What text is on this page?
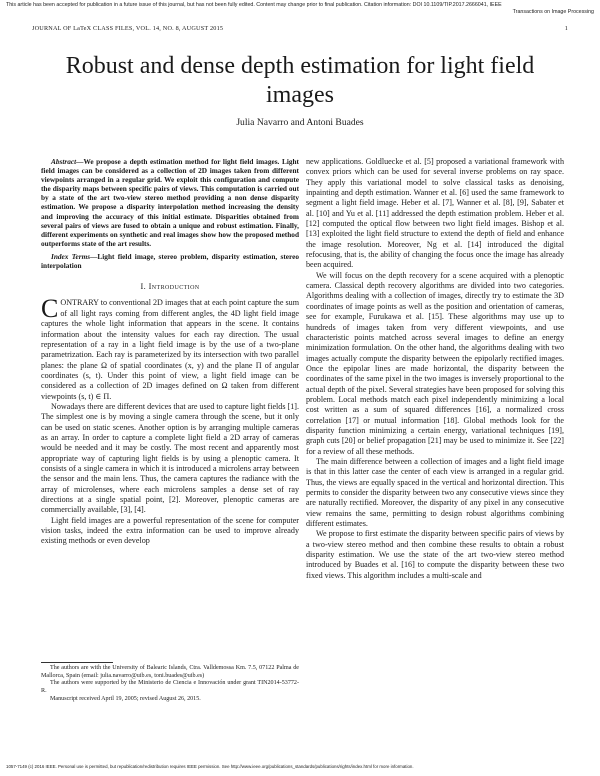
This article has been accepted for publication in a future issue of this journal, but has not been fully edited. Content may change prior to final publication. Citation information: DOI 10.1109/TIP.2017.2666041, IEEE
Transactions on Image Processing
JOURNAL OF LaTeX CLASS FILES, VOL. 14, NO. 8, AUGUST 2015	1
Robust and dense depth estimation for light field images
Julia Navarro and Antoni Buades

Abstract—We propose a depth estimation method for light field images. Light field images can be considered as a collection of 2D images taken from different viewpoints arranged in a regular grid. We exploit this configuration and compute the disparity maps between specific pairs of views. This computation is carried out by a state of the art two-view stereo method providing a non dense disparity estimation. We propose a disparity interpolation method increasing the density and improving the accuracy of this initial estimate. Disparities obtained from several pairs of views are fused to obtain a unique and robust estimation. Finally, different experiments on synthetic and real images show how the proposed method outperforms state of the art results.

Index Terms—Light field image, stereo problem, disparity estimation, stereo interpolation

I. Introduction

CONTRARY to conventional 2D images that at each point capture the sum of all light rays coming from different angles, the 4D light field image captures the whole light information that appears in the scene. It contains information about the intensity values for each ray direction. The usual representation of a ray in a light field image is by the use of a two-plane parametrization. Each ray is parameterized by its intersection with two parallel planes: the plane Ω of spatial coordinates (x, y) and the plane Π of angular coordinates (s, t). Under this point of view, a light field image can be considered as a collection of 2D images defined on Ω taken from different viewpoints (s, t) ∈ Π.

Nowadays there are different devices that are used to capture light fields [1]. The simplest one is by moving a single camera through the scene, but it only can be used on static scenes. Another option is by arranging multiple cameras as an array. In order to capture a complete light field a 2D array of cameras would be needed and it may be costly. The most recent and apparently most appropriate way of capturing light fields is by using a plenoptic camera. It consists of a single camera in which it is introduced a microlens array between the sensor and the main lens. Thus, the camera captures the radiance with the array of microlenses, where each microlens samples a dense set of ray directions at a single spatial point, [2]. Moreover, plenoptic cameras are commercially available, [3], [4].

Light field images are a powerful representation of the scene for computer vision tasks, indeed the extra information can be used to improve already existing methods or even develop

The authors are with the University of Balearic Islands, Ctra. Valldemossa Km. 7.5, 07122 Palma de Mallorca, Spain (email: julia.navarro@uib.es, toni.buades@uib.es)

The authors were supported by the Ministerio de Ciencia e Innovación under grant TIN2014-53772-R.

Manuscript received April 19, 2005; revised August 26, 2015.

new applications. Goldluecke et al. [5] proposed a variational framework with convex priors which can be used for several inverse problems on ray space. They apply this variational model to solve classical tasks as denoising, inpainting and depth estimation. Wanner et al. [6] used the same framework to segment a light field image. Heber et al. [7], Wanner et al. [8], [9], Sabater et al. [10] and Yu et al. [11] addressed the depth estimation problem. Heber et al. [12] computed the optical flow between two light field images. Bishop et al. [13] exploited the light field structure to extend the depth of field and enhance the image resolution. Moreover, Ng et al. [14] introduced the digital refocusing, that is, the ability of changing the focus once the image has already been acquired.

We will focus on the depth recovery for a scene acquired with a plenoptic camera. Classical depth recovery algorithms are divided into two categories. Algorithms dealing with a collection of images, directly try to estimate the 3D coordinates of image points as well as the position and orientation of cameras, see for example, Furukawa et al. [15]. These algorithms may use up to hundreds of images taken from very different viewpoints, and use characteristic points matched across several images to define an energy minimization formulation. On the other hand, the algorithms dealing with two images actually compute the disparity between the epipolarly rectified images. Once the epipolar lines are made horizontal, the disparity between the coordinates of the same pixel in the two images is inversely proportional to the actual depth of the pixel. Several strategies have been proposed for solving this problem. Local methods match each pixel independently minimizing a local cost written as a sum of squared differences [16], a normalized cross correlation [17] or mutual information [18]. Global methods look for the disparity function minimizing a certain energy, variational techniques [19], graph cuts [20] or belief propagation [21] may be used to minimize it. See [22] for a review of all these methods.

The main difference between a collection of images and a light field image is that in this latter case the center of each view is arranged in a regular grid. Thus, the views are equally spaced in the vertical and horizontal direction. This permits to consider the disparity between two any consecutive views since they are naturally rectified. Moreover, the disparity of any pixel in any consecutive view remains the same, permitting to design robust algorithms combining different estimates.

We propose to first estimate the disparity between specific pairs of views by a two-view stereo method and then combine these results to obtain a robust disparity estimation. We use the state of the art two-view stereo method introduced by Buades et al. [16] to compute the disparity between these two fixed views. This algorithm includes a multi-scale and

1057-7149 (c) 2016 IEEE. Personal use is permitted, but republication/redistribution requires IEEE permission. See http://www.ieee.org/publications_standards/publications/rights/index.html for more information.
